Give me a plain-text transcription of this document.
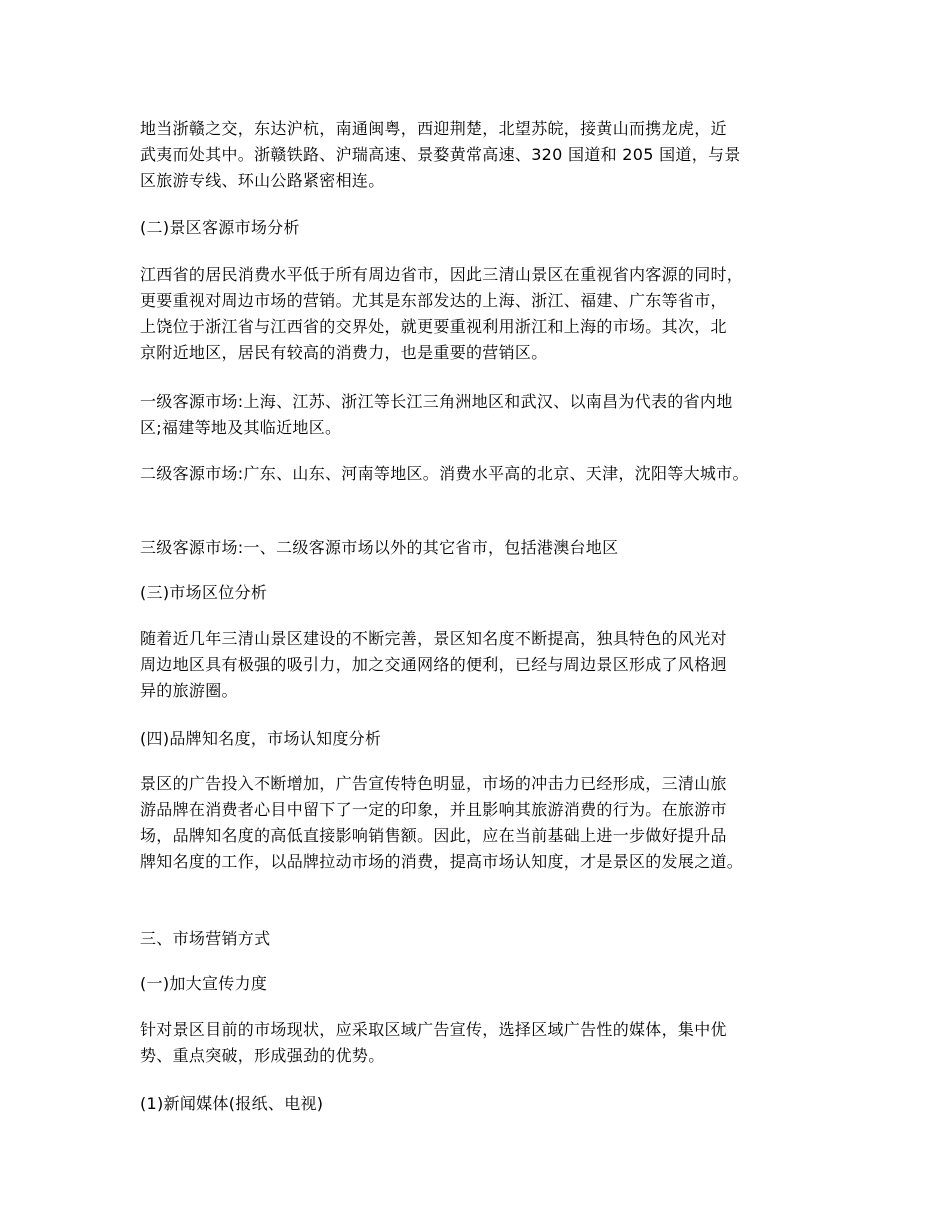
地当浙赣之交，东达沪杭，南通闽粤，西迎荆楚，北望苏皖，接黄山而携龙虎，近
武夷而处其中。浙赣铁路、沪瑞高速、景婺黄常高速、320 国道和 205 国道，与景
区旅游专线、环山公路紧密相连。
(二)景区客源市场分析
江西省的居民消费水平低于所有周边省市，因此三清山景区在重视省内客源的同时，
更要重视对周边市场的营销。尤其是东部发达的上海、浙江、福建、广东等省市，
上饶位于浙江省与江西省的交界处，就更要重视利用浙江和上海的市场。其次，北
京附近地区，居民有较高的消费力，也是重要的营销区。
一级客源市场:上海、江苏、浙江等长江三角洲地区和武汉、以南昌为代表的省内地
区;福建等地及其临近地区。
二级客源市场:广东、山东、河南等地区。消费水平高的北京、天津，沈阳等大城市。
三级客源市场:一、二级客源市场以外的其它省市，包括港澳台地区
(三)市场区位分析
随着近几年三清山景区建设的不断完善，景区知名度不断提高，独具特色的风光对
周边地区具有极强的吸引力，加之交通网络的便利，已经与周边景区形成了风格迥
异的旅游圈。
(四)品牌知名度，市场认知度分析
景区的广告投入不断增加，广告宣传特色明显，市场的冲击力已经形成，三清山旅
游品牌在消费者心目中留下了一定的印象，并且影响其旅游消费的行为。在旅游市
场，品牌知名度的高低直接影响销售额。因此，应在当前基础上进一步做好提升品
牌知名度的工作，以品牌拉动市场的消费，提高市场认知度，才是景区的发展之道。
三、市场营销方式
(一)加大宣传力度
针对景区目前的市场现状，应采取区域广告宣传，选择区域广告性的媒体，集中优
势、重点突破，形成强劲的优势。
(1)新闻媒体(报纸、电视)
